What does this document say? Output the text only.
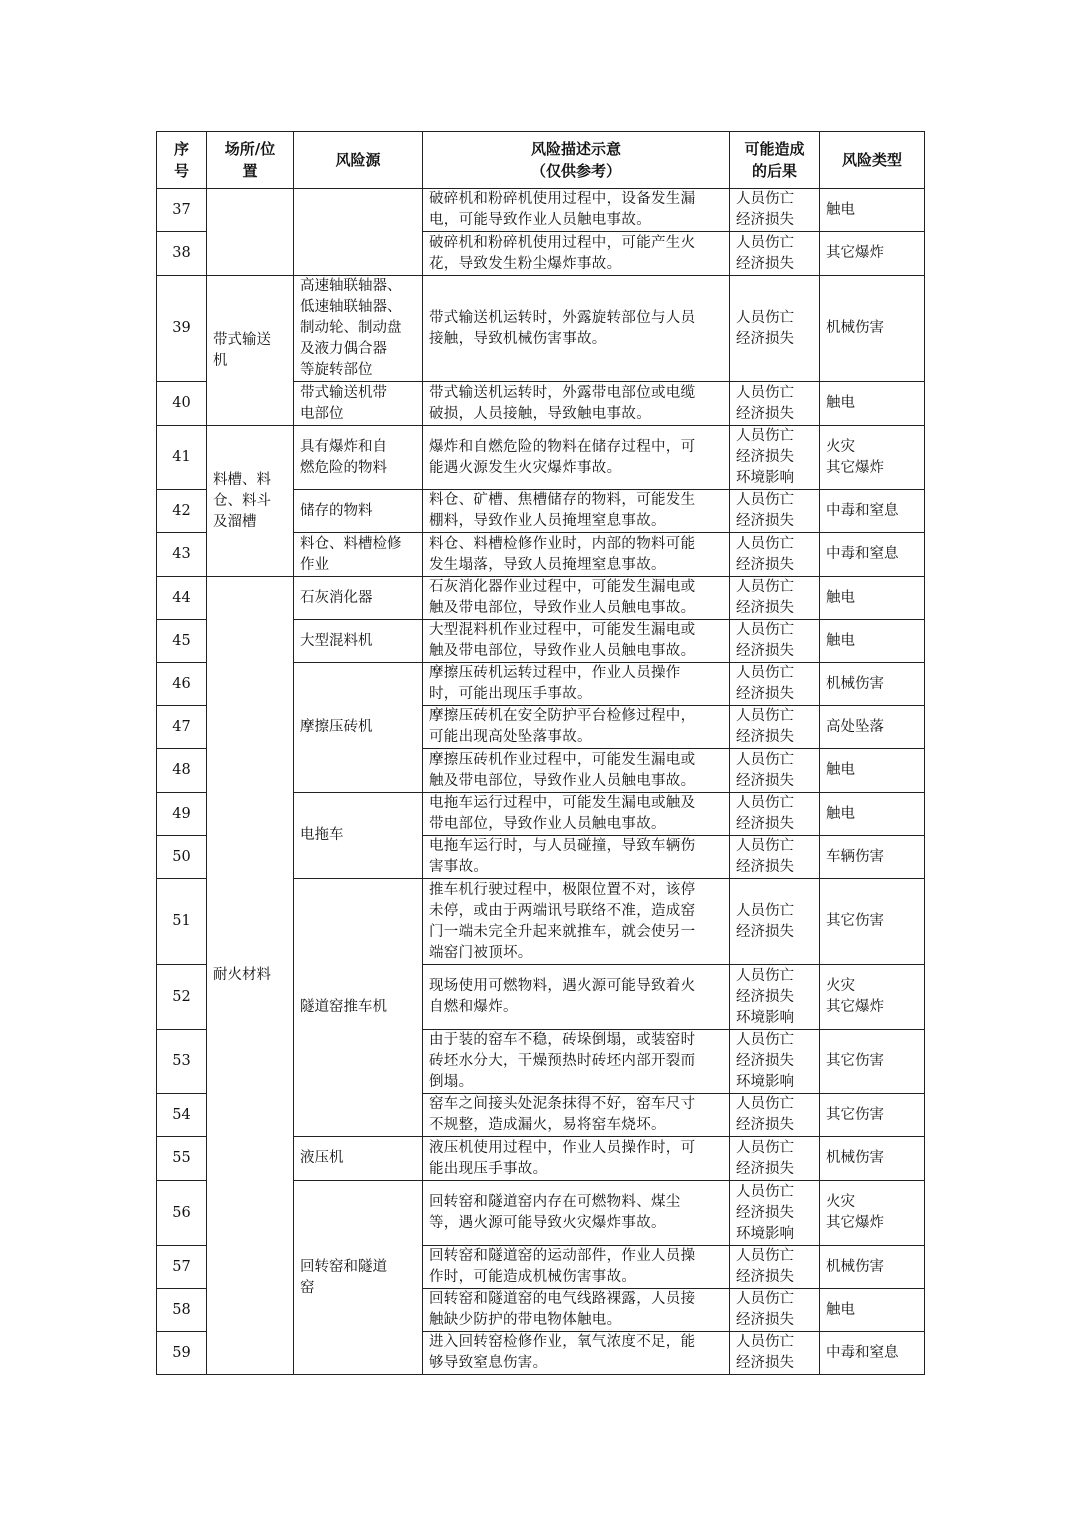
序
号	场所/位
置	风险源	风险描述示意
（仅供参考）	可能造成
的后果	风险类型
37			破碎机和粉碎机使用过程中，设备发生漏
电，可能导致作业人员触电事故。	人员伤亡
经济损失	触电
38			破碎机和粉碎机使用过程中，可能产生火
花，导致发生粉尘爆炸事故。	人员伤亡
经济损失	其它爆炸
39	带式输送
机	高速轴联轴器、
低速轴联轴器、
制动轮、制动盘
及液力偶合器
等旋转部位	带式输送机运转时，外露旋转部位与人员
接触，导致机械伤害事故。	人员伤亡
经济损失	机械伤害
40		带式输送机带
电部位	带式输送机运转时，外露带电部位或电缆
破损，人员接触，导致触电事故。	人员伤亡
经济损失	触电
41	料槽、料
仓、料斗
及溜槽	具有爆炸和自
燃危险的物料	爆炸和自燃危险的物料在储存过程中，可
能遇火源发生火灾爆炸事故。	人员伤亡
经济损失
环境影响	火灾
其它爆炸
42		储存的物料	料仓、矿槽、焦槽储存的物料，可能发生
棚料，导致作业人员掩埋窒息事故。	人员伤亡
经济损失	中毒和窒息
43		料仓、料槽检修
作业	料仓、料槽检修作业时，内部的物料可能
发生塌落，导致人员掩埋窒息事故。	人员伤亡
经济损失	中毒和窒息
44	耐火材料	石灰消化器	石灰消化器作业过程中，可能发生漏电或
触及带电部位，导致作业人员触电事故。	人员伤亡
经济损失	触电
45		大型混料机	大型混料机作业过程中，可能发生漏电或
触及带电部位，导致作业人员触电事故。	人员伤亡
经济损失	触电
46		摩擦压砖机	摩擦压砖机运转过程中，作业人员操作
时，可能出现压手事故。	人员伤亡
经济损失	机械伤害
47			摩擦压砖机在安全防护平台检修过程中，
可能出现高处坠落事故。	人员伤亡
经济损失	高处坠落
48			摩擦压砖机作业过程中，可能发生漏电或
触及带电部位，导致作业人员触电事故。	人员伤亡
经济损失	触电
49		电拖车	电拖车运行过程中，可能发生漏电或触及
带电部位，导致作业人员触电事故。	人员伤亡
经济损失	触电
50			电拖车运行时，与人员碰撞，导致车辆伤
害事故。	人员伤亡
经济损失	车辆伤害
51		隧道窑推车机	推车机行驶过程中，极限位置不对，该停
未停，或由于两端讯号联络不准，造成窑
门一端未完全升起来就推车，就会使另一
端窑门被顶坏。	人员伤亡
经济损失	其它伤害
52			现场使用可燃物料，遇火源可能导致着火
自燃和爆炸。	人员伤亡
经济损失
环境影响	火灾
其它爆炸
53			由于装的窑车不稳，砖垛倒塌，或装窑时
砖坯水分大，干燥预热时砖坯内部开裂而
倒塌。	人员伤亡
经济损失
环境影响	其它伤害
54			窑车之间接头处泥条抹得不好，窑车尺寸
不规整，造成漏火，易将窑车烧坏。	人员伤亡
经济损失	其它伤害
55		液压机	液压机使用过程中，作业人员操作时，可
能出现压手事故。	人员伤亡
经济损失	机械伤害
56		回转窑和隧道
窑	回转窑和隧道窑内存在可燃物料、煤尘
等，遇火源可能导致火灾爆炸事故。	人员伤亡
经济损失
环境影响	火灾
其它爆炸
57			回转窑和隧道窑的运动部件，作业人员操
作时，可能造成机械伤害事故。	人员伤亡
经济损失	机械伤害
58			回转窑和隧道窑的电气线路裸露，人员接
触缺少防护的带电物体触电。	人员伤亡
经济损失	触电
59			进入回转窑检修作业，氧气浓度不足，能
够导致窒息伤害。	人员伤亡
经济损失	中毒和窒息
